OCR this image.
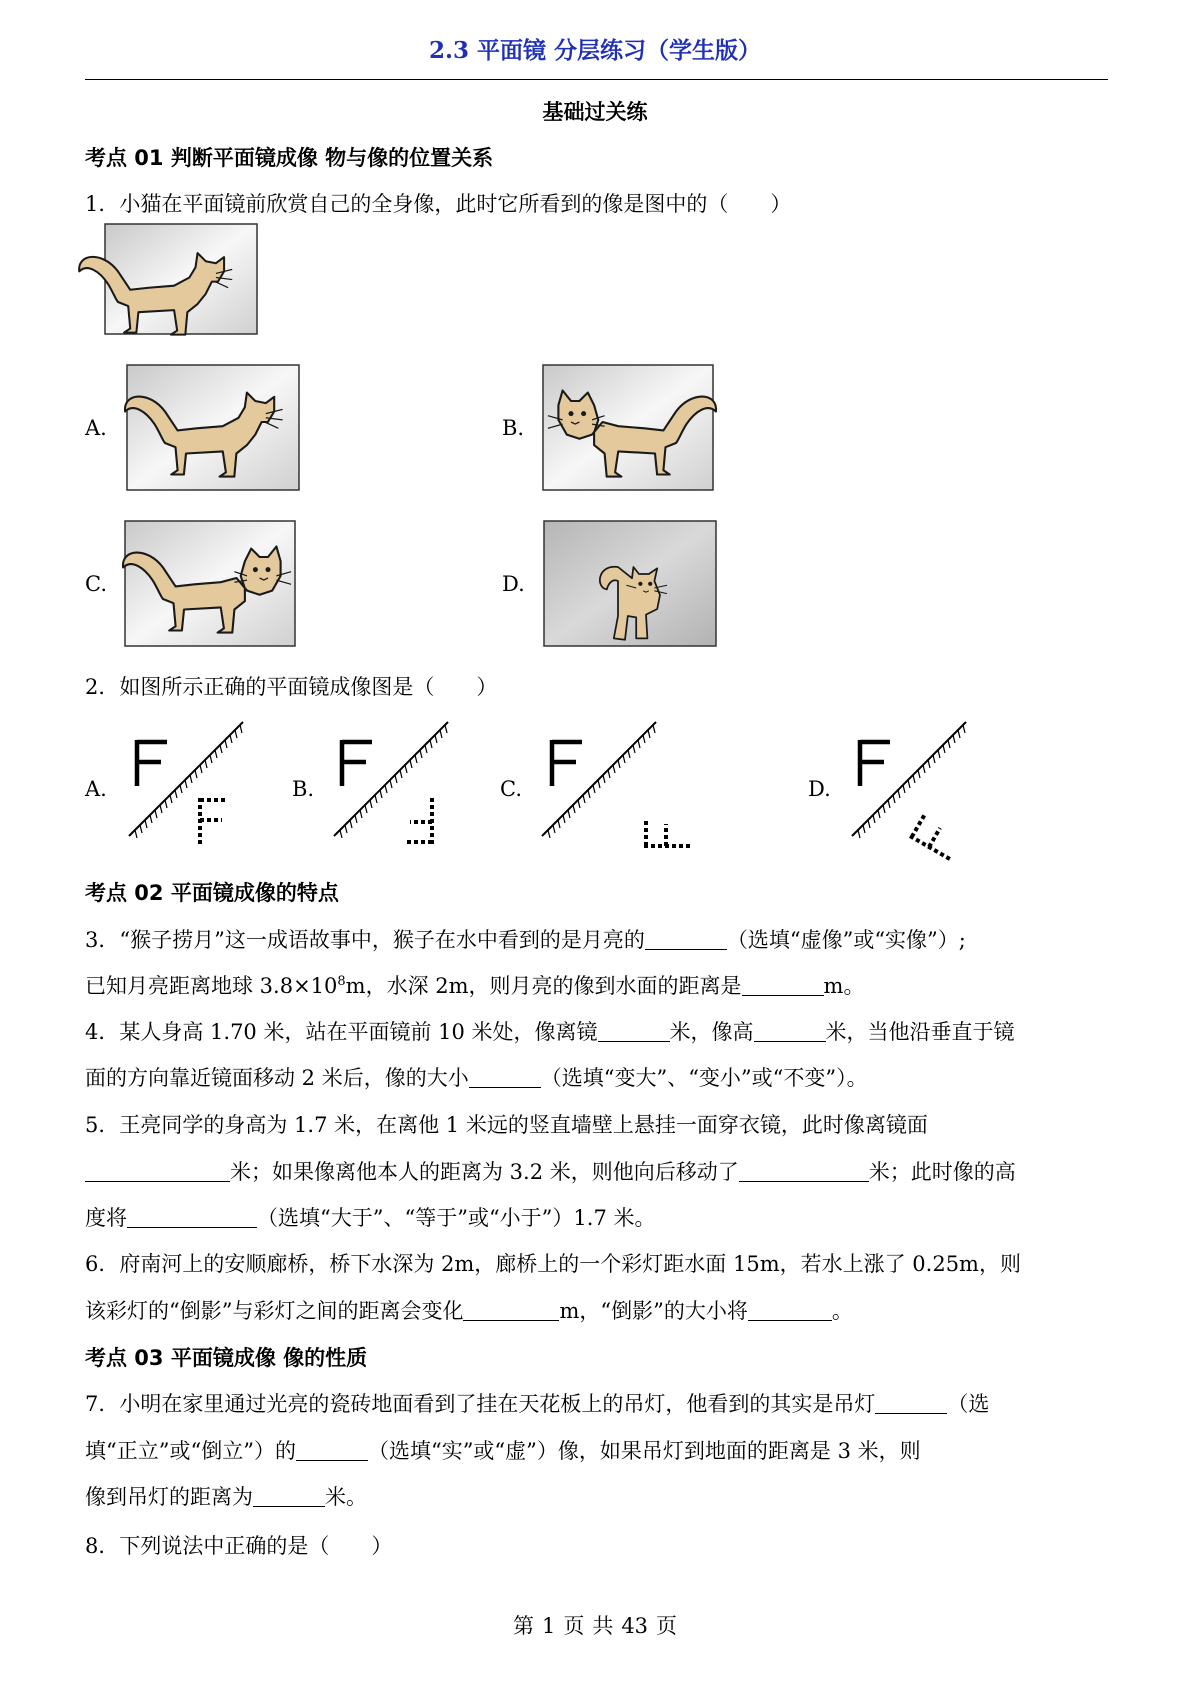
2.3 平面镜 分层练习（学生版）
基础过关练
考点 01 判断平面镜成像 物与像的位置关系
1．小猫在平面镜前欣赏自己的全身像，此时它所看到的像是图中的（　　）
A.	B.
C.	D.
2．如图所示正确的平面镜成像图是（　　）
A.	B.	C.	D.
考点 02 平面镜成像的特点
3．“猴子捞月”这一成语故事中，猴子在水中看到的是月亮的	（选填“虚像”或“实像”）;
已知月亮距离地球 $3.8\times 10^8m$，水深 2m，则月亮的像到水面的距离是	m。
4．某人身高 1.70 米，站在平面镜前 10 米处，像离镜	米，像高	米，当他沿垂直于镜
面的方向靠近镜面移动 2 米后，像的大小	（选填“变大”、“变小”或“不变”）。
5．王亮同学的身高为 1.7 米，在离他 1 米远的竖直墙壁上悬挂一面穿衣镜，此时像离镜面
米；如果像离他本人的距离为 3.2 米，则他向后移动了	米；此时像的高
度将	（选填“大于”、“等于”或“小于”）1.7 米。
6．府南河上的安顺廊桥，桥下水深为 2m，廊桥上的一个彩灯距水面 15m，若水上涨了 0.25m，则
该彩灯的“倒影”与彩灯之间的距离会变化	m，“倒影”的大小将	。
考点 03 平面镜成像 像的性质
7．小明在家里通过光亮的瓷砖地面看到了挂在天花板上的吊灯，他看到的其实是吊灯	（选
填“正立”或“倒立”）的	（选填“实”或“虚”）像，如果吊灯到地面的距离是 3 米，则
像到吊灯的距离为	米。
8．下列说法中正确的是（　　）
第 1 页 共 43 页
